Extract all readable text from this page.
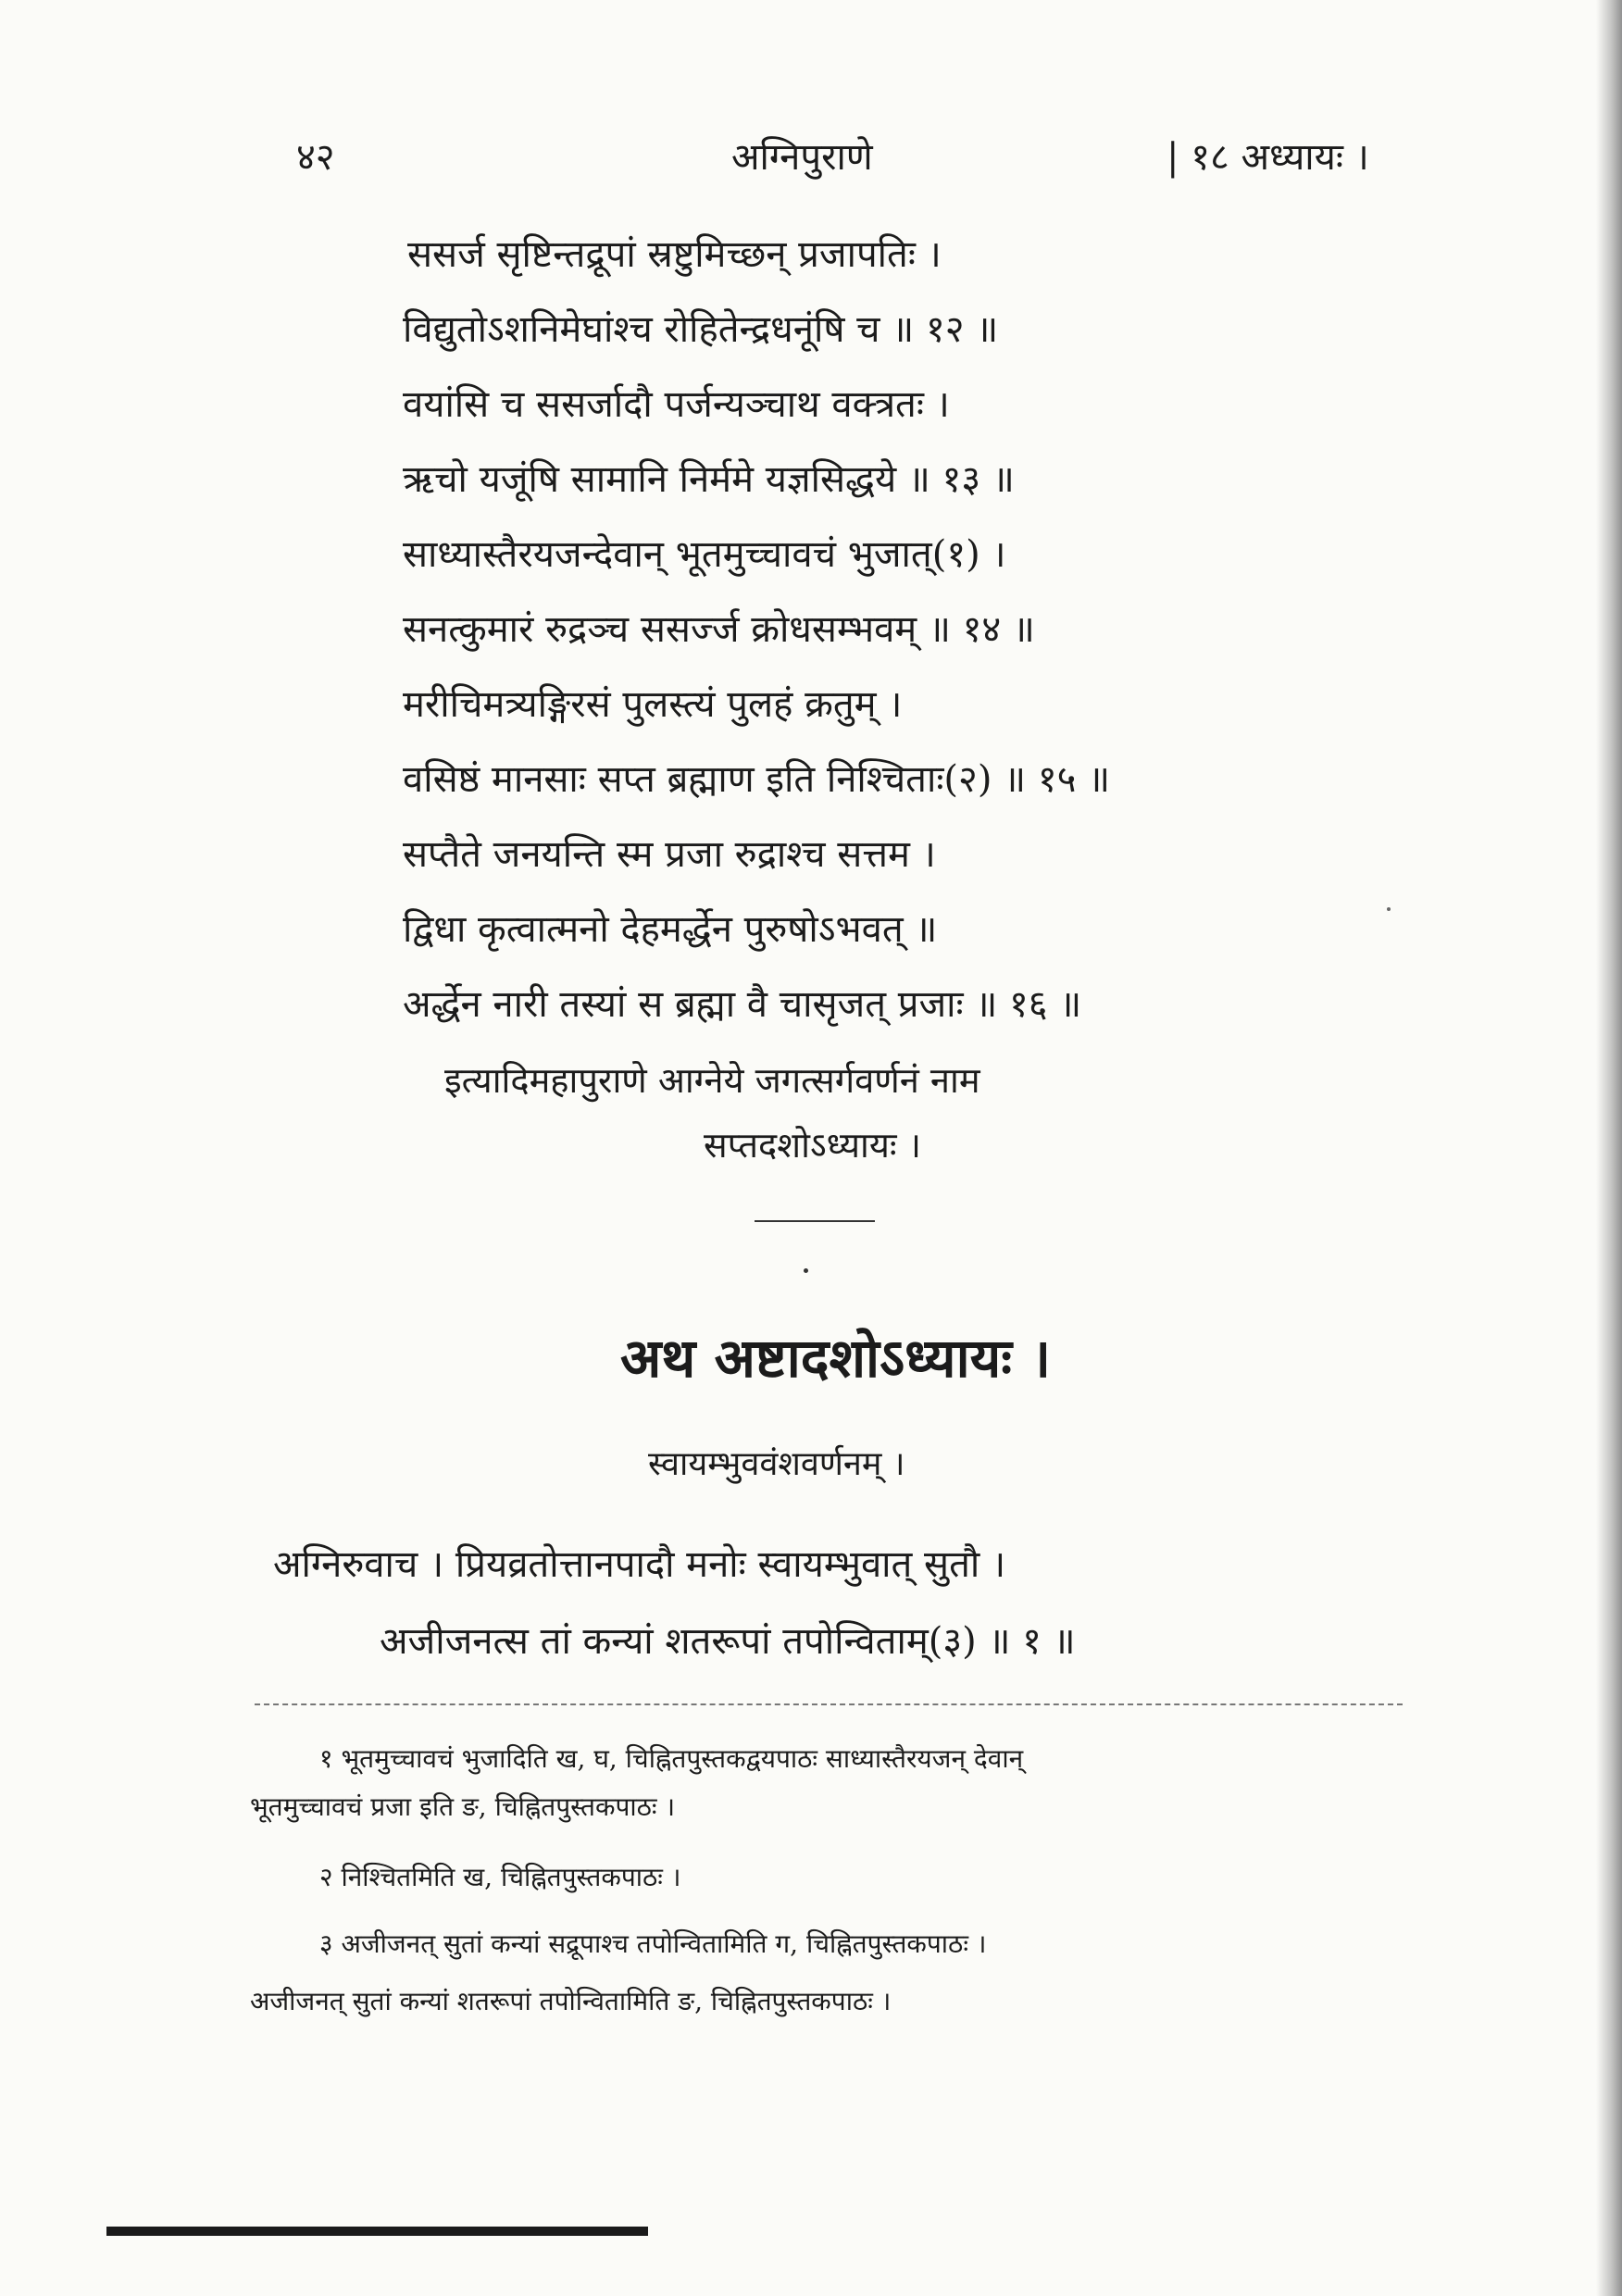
४२	अग्निपुराणे	| १८ अध्यायः ।
ससर्ज सृष्टिन्तद्रूपां स्रष्टुमिच्छन् प्रजापतिः ।
विद्युतोऽशनिमेघांश्च रोहितेन्द्रधनूंषि च ॥ १२ ॥
वयांसि च ससर्जादौ पर्जन्यञ्चाथ वक्त्रतः ।
ऋचो यजूंषि सामानि निर्ममे यज्ञसिद्धये ॥ १३ ॥
साध्यास्तैरयजन्देवान् भूतमुच्चावचं भुजात्(१) ।
सनत्कुमारं रुद्रञ्च ससर्ज्ज क्रोधसम्भवम् ॥ १४ ॥
मरीचिमत्र्यङ्गिरसं पुलस्त्यं पुलहं क्रतुम् ।
वसिष्ठं मानसाः सप्त ब्रह्माण इति निश्चिताः(२) ॥ १५ ॥
सप्तैते जनयन्ति स्म प्रजा रुद्राश्च सत्तम ।
द्विधा कृत्वात्मनो देहमर्द्धेन पुरुषोऽभवत् ॥
अर्द्धेन नारी तस्यां स ब्रह्मा वै चासृजत् प्रजाः ॥ १६ ॥
इत्यादिमहापुराणे आग्नेये जगत्सर्गवर्णनं नाम
सप्तदशोऽध्यायः ।
अथ अष्टादशोऽध्यायः ।
स्वायम्भुववंशवर्णनम् ।
अग्निरुवाच । प्रियव्रतोत्तानपादौ मनोः स्वायम्भुवात् सुतौ ।
अजीजनत्स तां कन्यां शतरूपां तपोन्विताम्(३) ॥ १ ॥
१ भूतमुच्चावचं भुजादिति ख, घ, चिह्नितपुस्तकद्वयपाठः साध्यास्तैरयजन् देवान्
भूतमुच्चावचं प्रजा इति ङ, चिह्नितपुस्तकपाठः ।
२ निश्चितमिति ख, चिह्नितपुस्तकपाठः ।
३ अजीजनत् सुतां कन्यां सद्रूपाश्च तपोन्वितामिति ग, चिह्नितपुस्तकपाठः ।
अजीजनत् सुतां कन्यां शतरूपां तपोन्वितामिति ङ, चिह्नितपुस्तकपाठः ।
